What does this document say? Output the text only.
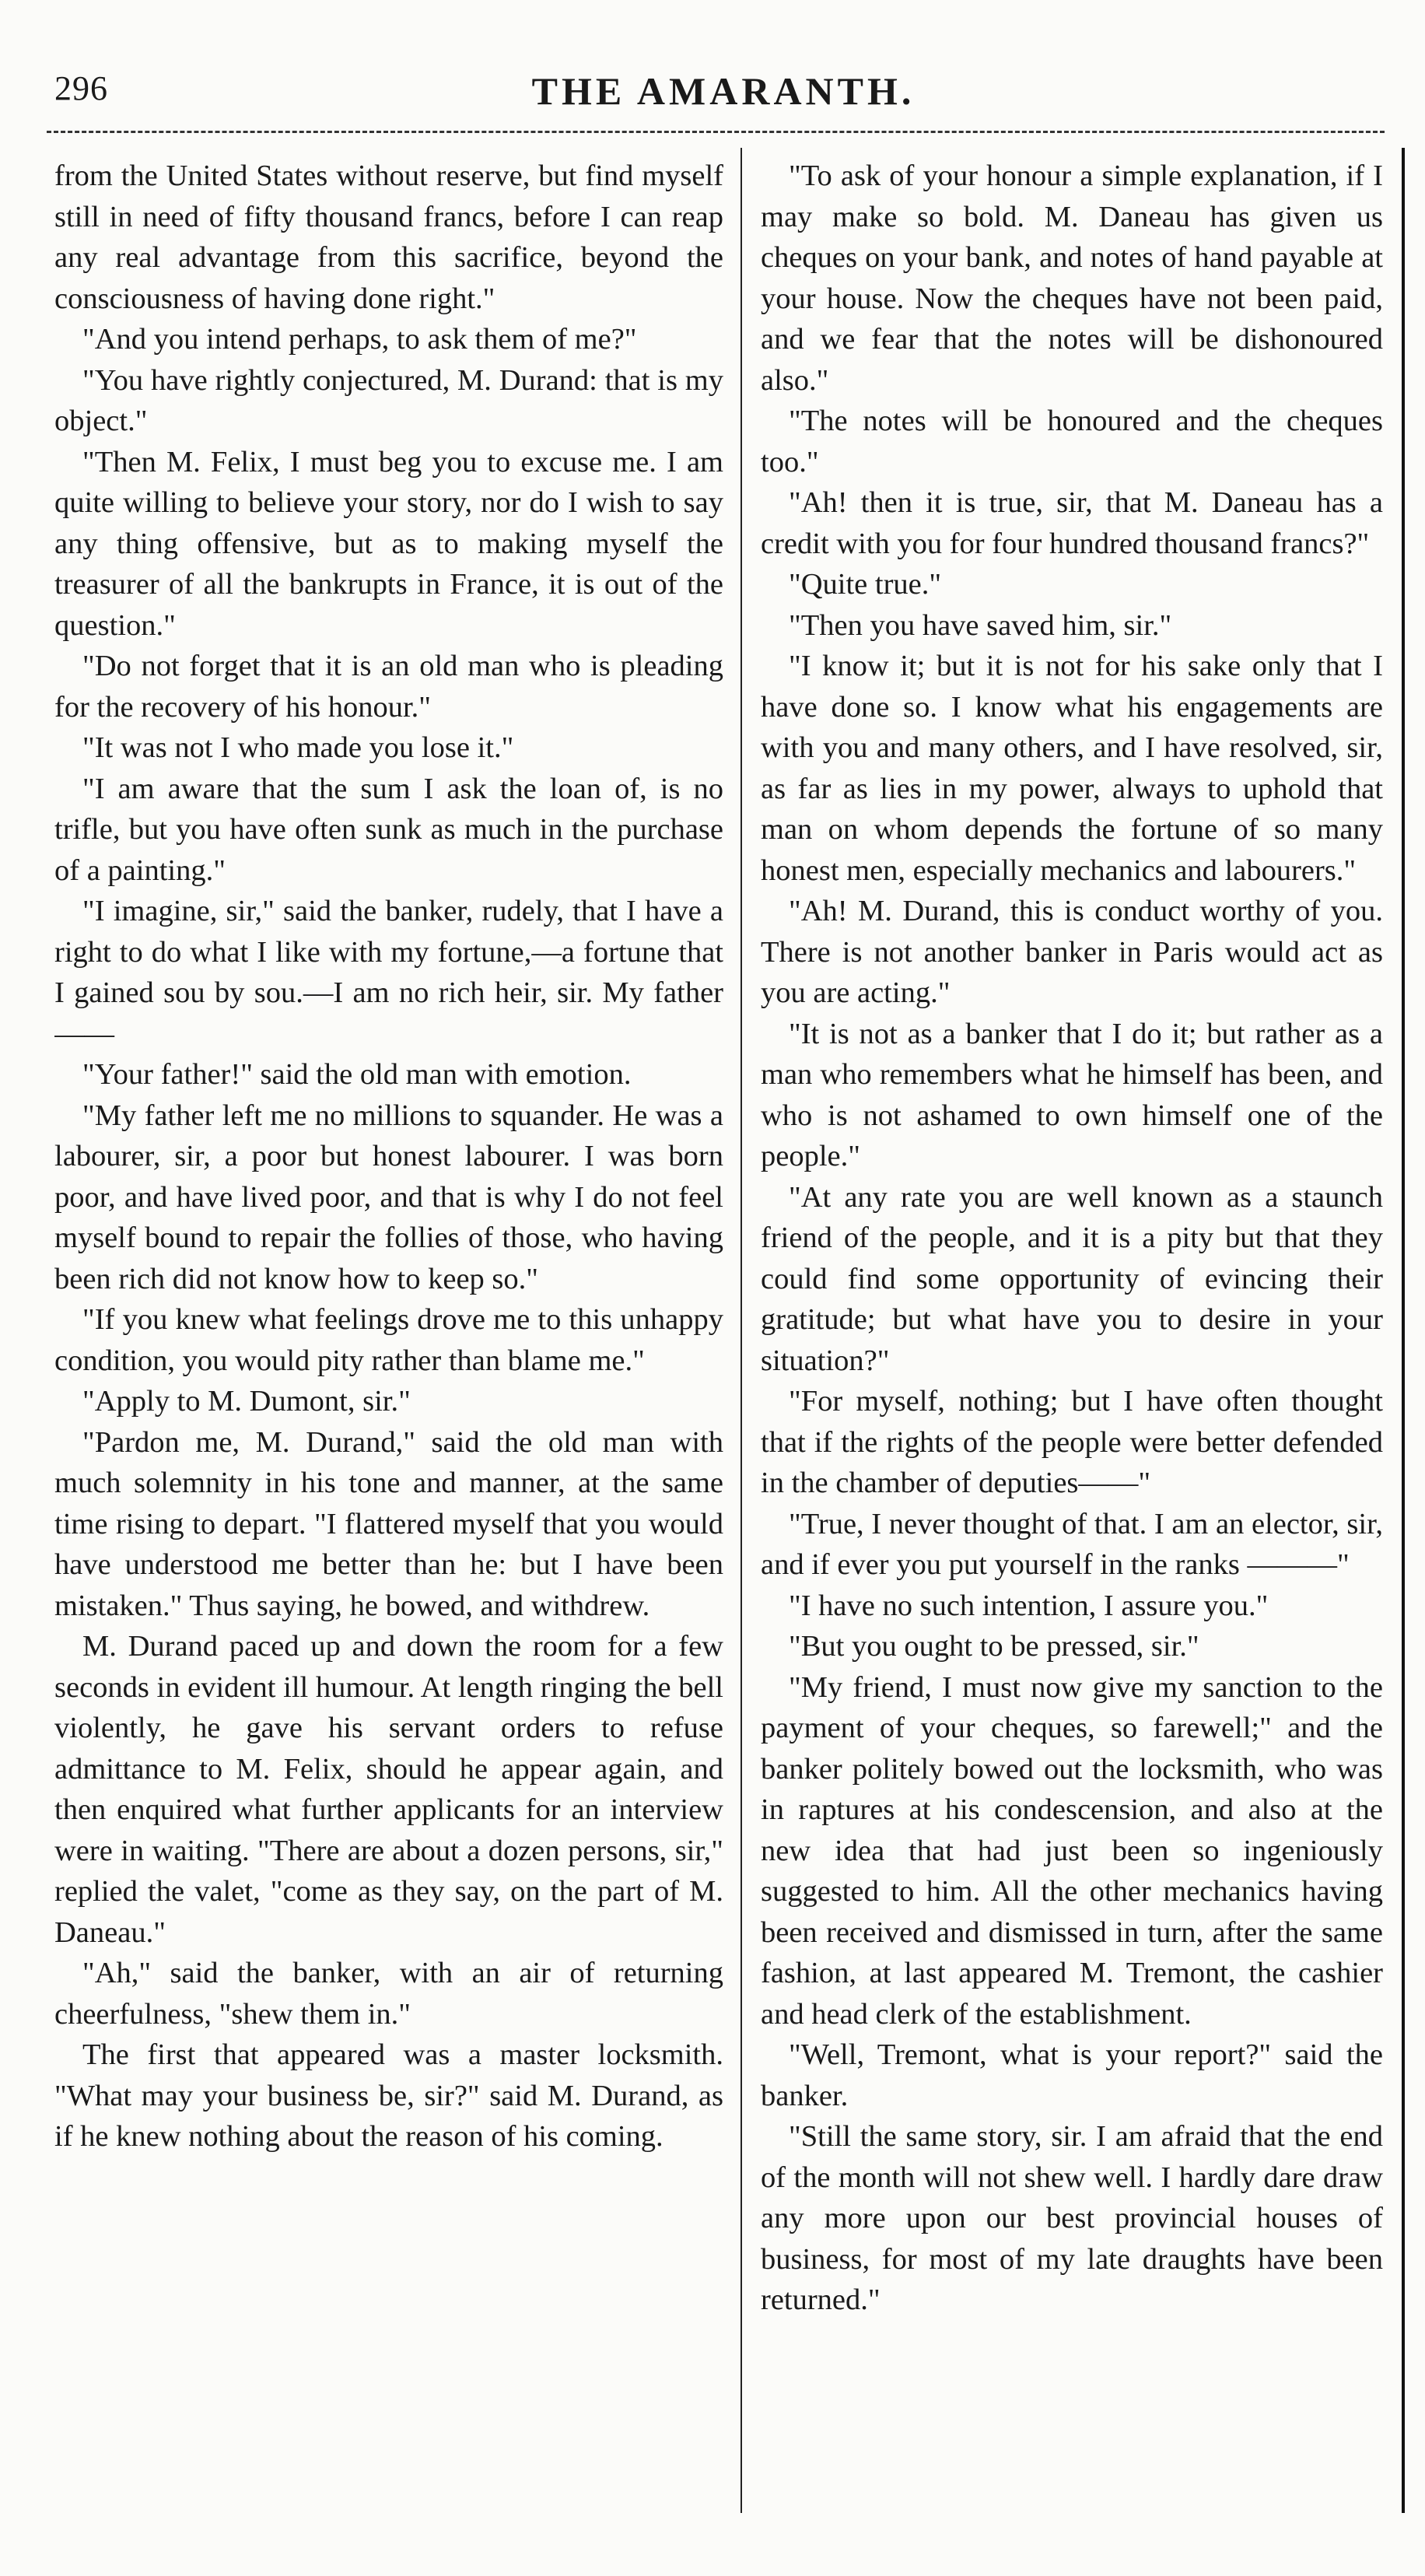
296	THE AMARANTH.

from the United States without reserve, but find myself still in need of fifty thousand francs, before I can reap any real advantage from this sacrifice, beyond the consciousness of having done right."

"And you intend perhaps, to ask them of me?"

"You have rightly conjectured, M. Durand: that is my object."

"Then M. Felix, I must beg you to excuse me. I am quite willing to believe your story, nor do I wish to say any thing offensive, but as to making myself the treasurer of all the bankrupts in France, it is out of the question."

"Do not forget that it is an old man who is pleading for the recovery of his honour."

"It was not I who made you lose it."

"I am aware that the sum I ask the loan of, is no trifle, but you have often sunk as much in the purchase of a painting."

"I imagine, sir," said the banker, rudely, that I have a right to do what I like with my fortune,—a fortune that I gained sou by sou.—I am no rich heir, sir. My father——

"Your father!" said the old man with emotion.

"My father left me no millions to squander. He was a labourer, sir, a poor but honest labourer. I was born poor, and have lived poor, and that is why I do not feel myself bound to repair the follies of those, who having been rich did not know how to keep so."

"If you knew what feelings drove me to this unhappy condition, you would pity rather than blame me."

"Apply to M. Dumont, sir."

"Pardon me, M. Durand," said the old man with much solemnity in his tone and manner, at the same time rising to depart. "I flattered myself that you would have understood me better than he: but I have been mistaken." Thus saying, he bowed, and withdrew.

M. Durand paced up and down the room for a few seconds in evident ill humour. At length ringing the bell violently, he gave his servant orders to refuse admittance to M. Felix, should he appear again, and then enquired what further applicants for an interview were in waiting. "There are about a dozen persons, sir," replied the valet, "come as they say, on the part of M. Daneau."

"Ah," said the banker, with an air of returning cheerfulness, "shew them in."

The first that appeared was a master locksmith. "What may your business be, sir?" said M. Durand, as if he knew nothing about the reason of his coming.

"To ask of your honour a simple explanation, if I may make so bold. M. Daneau has given us cheques on your bank, and notes of hand payable at your house. Now the cheques have not been paid, and we fear that the notes will be dishonoured also."

"The notes will be honoured and the cheques too."

"Ah! then it is true, sir, that M. Daneau has a credit with you for four hundred thousand francs?"

"Quite true."

"Then you have saved him, sir."

"I know it; but it is not for his sake only that I have done so. I know what his engagements are with you and many others, and I have resolved, sir, as far as lies in my power, always to uphold that man on whom depends the fortune of so many honest men, especially mechanics and labourers."

"Ah! M. Durand, this is conduct worthy of you. There is not another banker in Paris would act as you are acting."

"It is not as a banker that I do it; but rather as a man who remembers what he himself has been, and who is not ashamed to own himself one of the people."

"At any rate you are well known as a staunch friend of the people, and it is a pity but that they could find some opportunity of evincing their gratitude; but what have you to desire in your situation?"

"For myself, nothing; but I have often thought that if the rights of the people were better defended in the chamber of deputies——"

"True, I never thought of that. I am an elector, sir, and if ever you put yourself in the ranks ———"

"I have no such intention, I assure you."

"But you ought to be pressed, sir."

"My friend, I must now give my sanction to the payment of your cheques, so farewell;" and the banker politely bowed out the locksmith, who was in raptures at his condescension, and also at the new idea that had just been so ingeniously suggested to him. All the other mechanics having been received and dismissed in turn, after the same fashion, at last appeared M. Tremont, the cashier and head clerk of the establishment.

"Well, Tremont, what is your report?" said the banker.

"Still the same story, sir. I am afraid that the end of the month will not shew well. I hardly dare draw any more upon our best provincial houses of business, for most of my late draughts have been returned."
